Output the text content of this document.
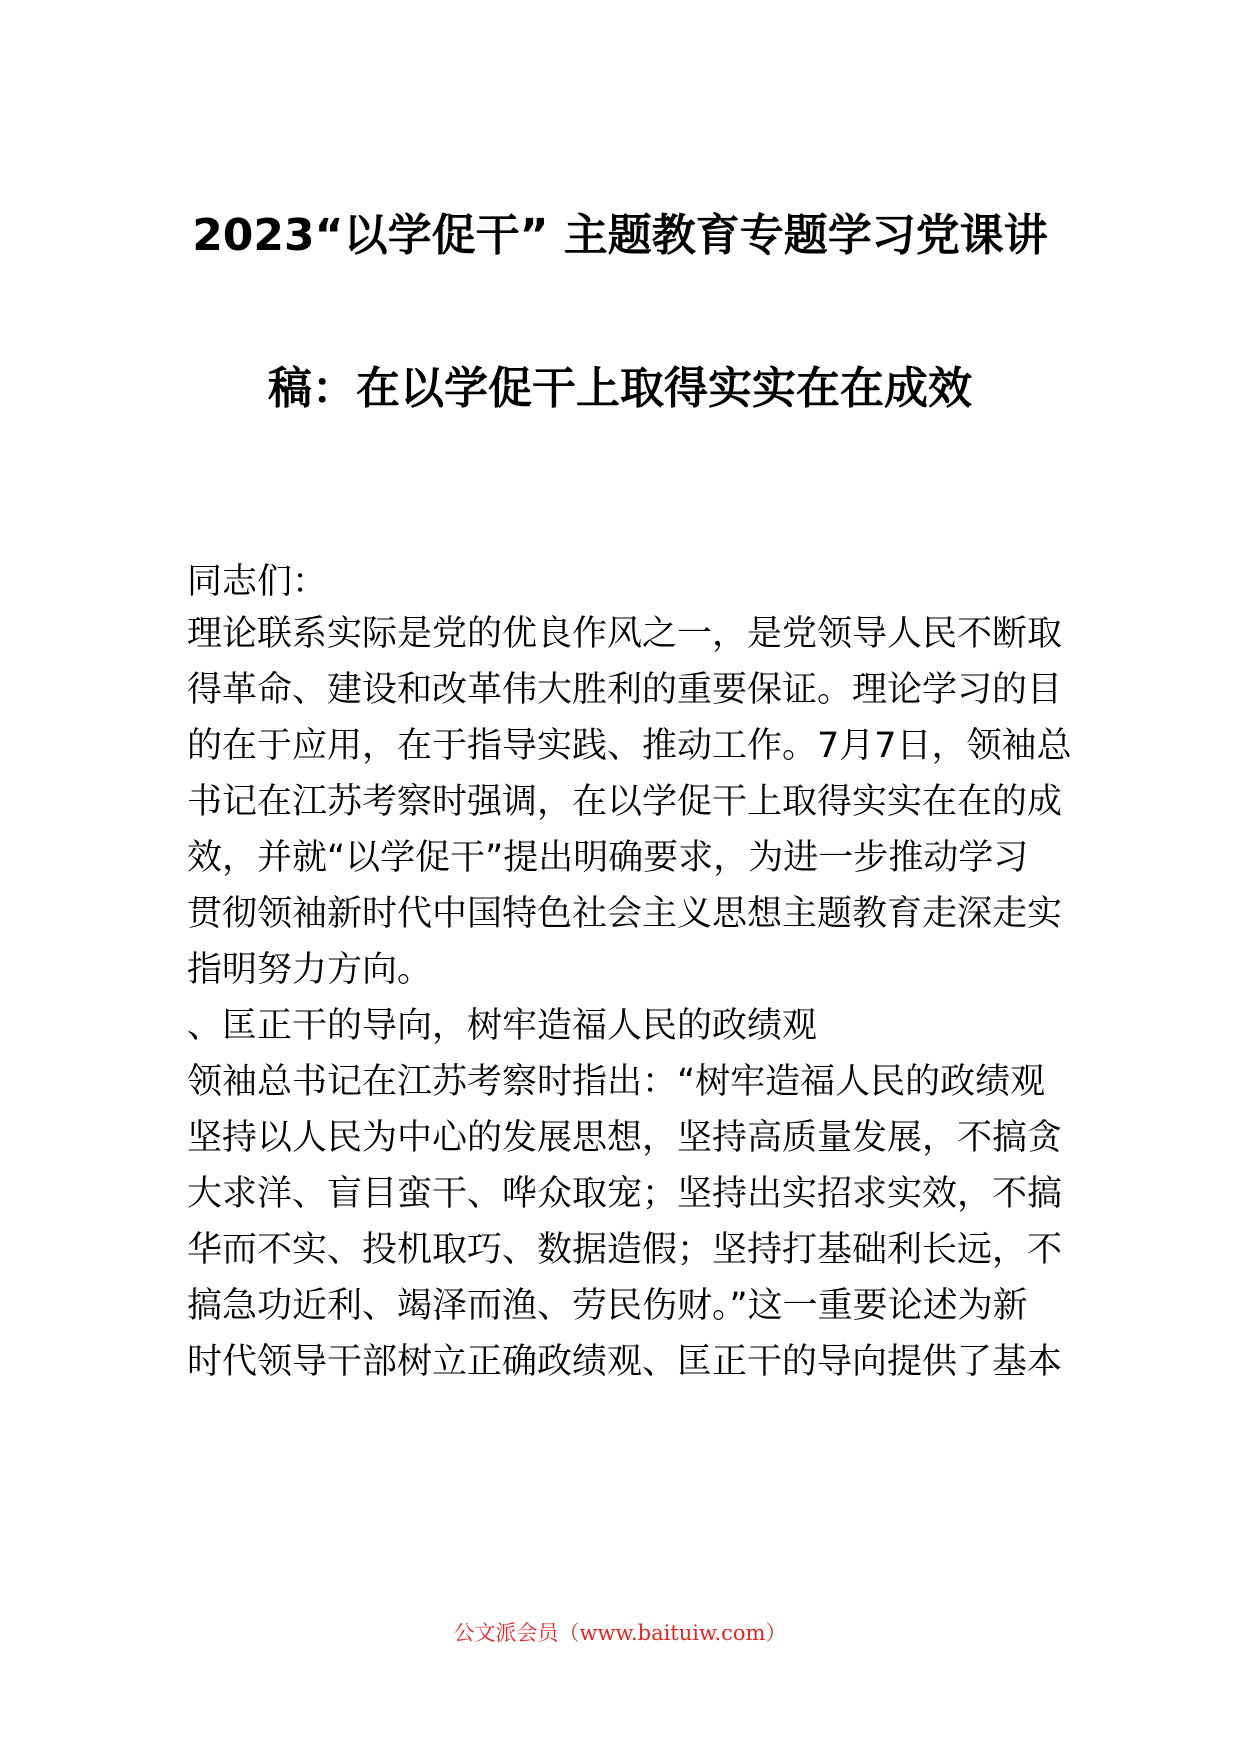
2023“以学促干” 主题教育专题学习党课讲
稿：在以学促干上取得实实在在成效

同志们：

理论联系实际是党的优良作风之一，是党领导人民不断取

得革命、建设和改革伟大胜利的重要保证。理论学习的目

的在于应用，在于指导实践、推动工作。7月7日，领袖总

书记在江苏考察时强调，在以学促干上取得实实在在的成

效，并就“以学促干”提出明确要求，为进一步推动学习

贯彻领袖新时代中国特色社会主义思想主题教育走深走实

指明努力方向。

、匡正干的导向，树牢造福人民的政绩观

领袖总书记在江苏考察时指出：“树牢造福人民的政绩观

坚持以人民为中心的发展思想，坚持高质量发展，不搞贪

大求洋、盲目蛮干、哗众取宠；坚持出实招求实效，不搞

华而不实、投机取巧、数据造假；坚持打基础利长远，不

搞急功近利、竭泽而渔、劳民伤财。”这一重要论述为新

时代领导干部树立正确政绩观、匡正干的导向提供了基本

公文派会员（www.baituiw.com）
